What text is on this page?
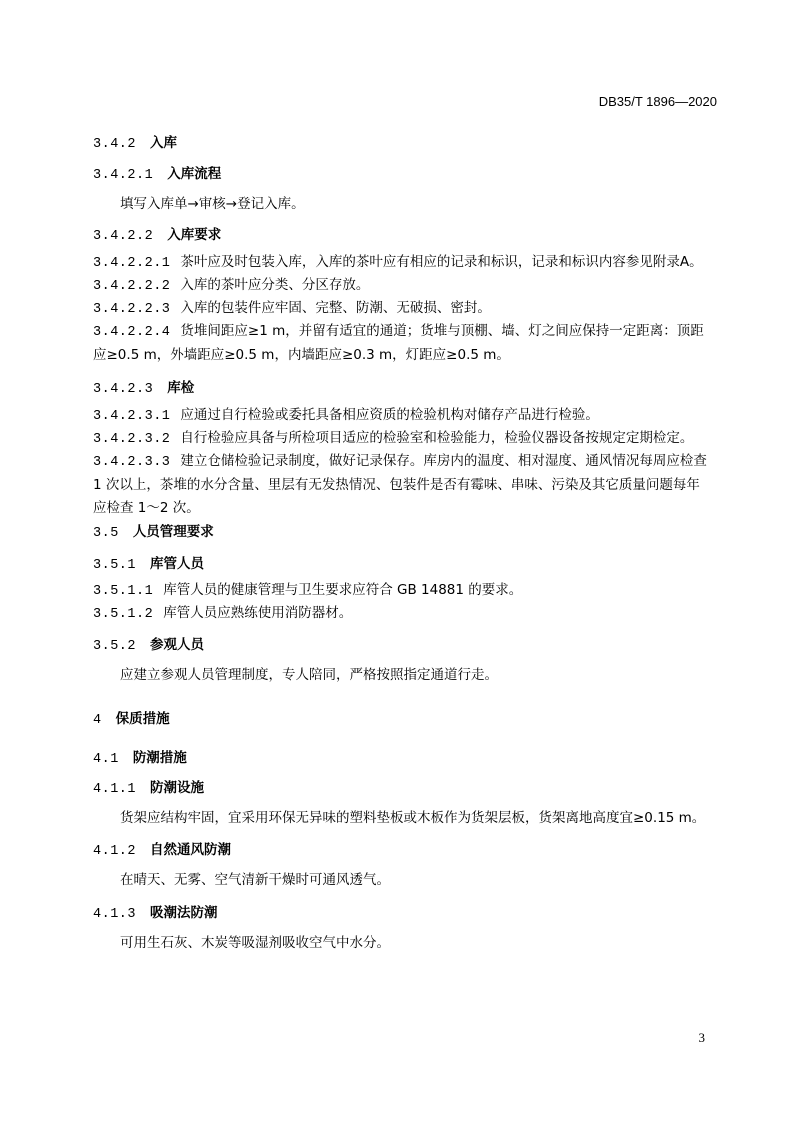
DB35/T 1896—2020
3.4.2 入库
3.4.2.1 入库流程
填写入库单→审核→登记入库。
3.4.2.2 入库要求
3.4.2.2.1 茶叶应及时包装入库，入库的茶叶应有相应的记录和标识，记录和标识内容参见附录A。
3.4.2.2.2 入库的茶叶应分类、分区存放。
3.4.2.2.3 入库的包装件应牢固、完整、防潮、无破损、密封。
3.4.2.2.4 货堆间距应≥1 m，并留有适宜的通道；货堆与顶棚、墙、灯之间应保持一定距离：顶距应≥0.5 m，外墙距应≥0.5 m，内墙距应≥0.3 m，灯距应≥0.5 m。
3.4.2.3 库检
3.4.2.3.1 应通过自行检验或委托具备相应资质的检验机构对储存产品进行检验。
3.4.2.3.2 自行检验应具备与所检项目适应的检验室和检验能力，检验仪器设备按规定定期检定。
3.4.2.3.3 建立仓储检验记录制度，做好记录保存。库房内的温度、相对湿度、通风情况每周应检查1 次以上，茶堆的水分含量、里层有无发热情况、包装件是否有霉味、串味、污染及其它质量问题每年应检查 1～2 次。
3.5 人员管理要求
3.5.1 库管人员
3.5.1.1 库管人员的健康管理与卫生要求应符合 GB 14881 的要求。
3.5.1.2 库管人员应熟练使用消防器材。
3.5.2 参观人员
应建立参观人员管理制度，专人陪同，严格按照指定通道行走。
4 保质措施
4.1 防潮措施
4.1.1 防潮设施
货架应结构牢固，宜采用环保无异味的塑料垫板或木板作为货架层板，货架离地高度宜≥0.15 m。
4.1.2 自然通风防潮
在晴天、无雾、空气清新干燥时可通风透气。
4.1.3 吸潮法防潮
可用生石灰、木炭等吸湿剂吸收空气中水分。
3
